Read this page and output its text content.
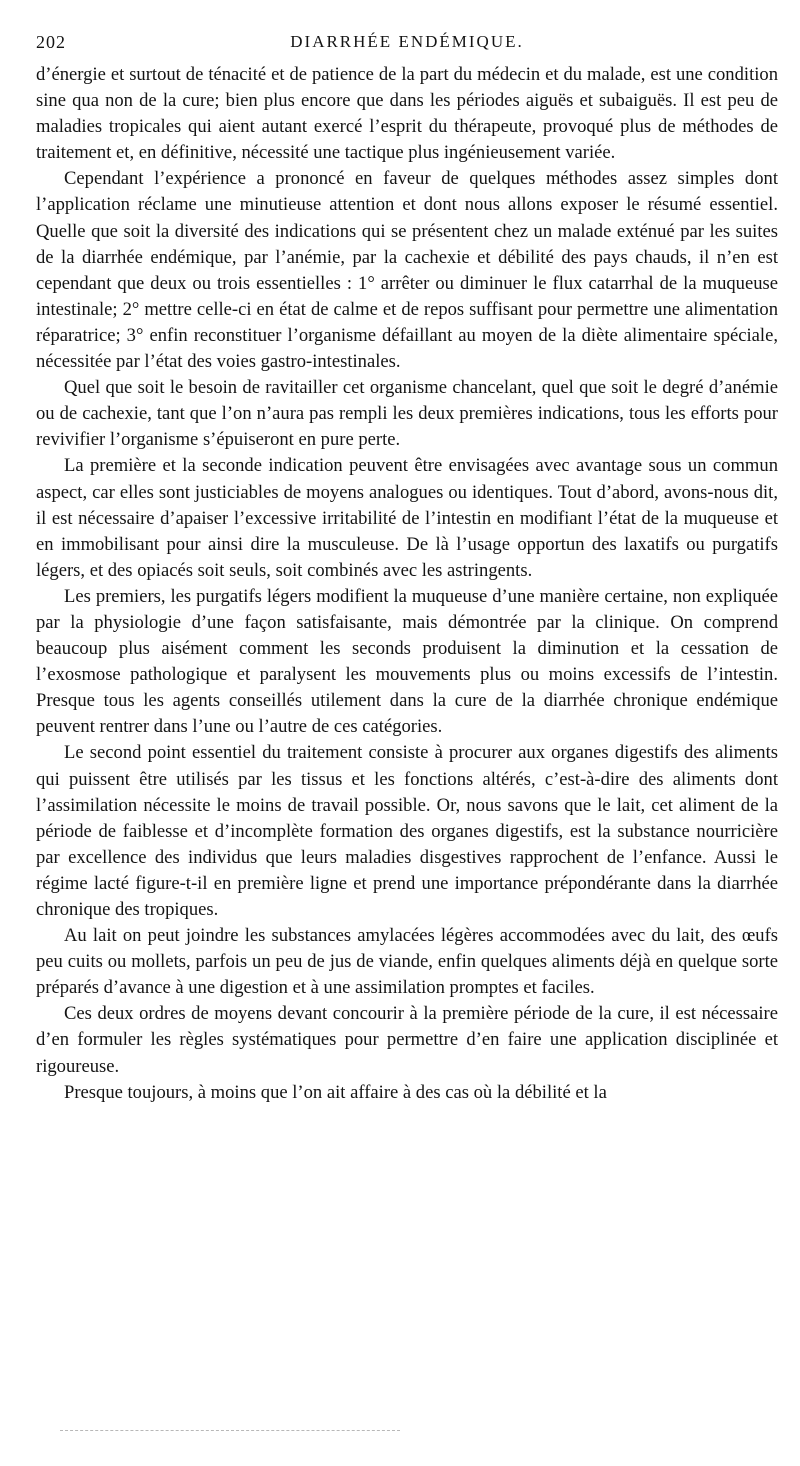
202	DIARRHÉE ENDÉMIQUE.

d’énergie et surtout de ténacité et de patience de la part du médecin et du malade, est une condition sine qua non de la cure; bien plus encore que dans les périodes aiguës et subaiguës. Il est peu de maladies tropicales qui aient autant exercé l’esprit du thérapeute, provoqué plus de méthodes de traitement et, en définitive, nécessité une tactique plus ingénieusement variée.

Cependant l’expérience a prononcé en faveur de quelques méthodes assez simples dont l’application réclame une minutieuse attention et dont nous allons exposer le résumé essentiel. Quelle que soit la diversité des indications qui se présentent chez un malade exténué par les suites de la diarrhée endémique, par l’anémie, par la cachexie et débilité des pays chauds, il n’en est cependant que deux ou trois essentielles : 1° arrêter ou diminuer le flux catarrhal de la muqueuse intestinale; 2° mettre celle-ci en état de calme et de repos suffisant pour permettre une alimentation réparatrice; 3° enfin reconstituer l’organisme défaillant au moyen de la diète alimentaire spéciale, nécessitée par l’état des voies gastro-intestinales.

Quel que soit le besoin de ravitailler cet organisme chancelant, quel que soit le degré d’anémie ou de cachexie, tant que l’on n’aura pas rempli les deux premières indications, tous les efforts pour revivifier l’organisme s’épuiseront en pure perte.

La première et la seconde indication peuvent être envisagées avec avantage sous un commun aspect, car elles sont justiciables de moyens analogues ou identiques. Tout d’abord, avons-nous dit, il est nécessaire d’apaiser l’excessive irritabilité de l’intestin en modifiant l’état de la muqueuse et en immobilisant pour ainsi dire la musculeuse. De là l’usage opportun des laxatifs ou purgatifs légers, et des opiacés soit seuls, soit combinés avec les astringents.

Les premiers, les purgatifs légers modifient la muqueuse d’une manière certaine, non expliquée par la physiologie d’une façon satisfaisante, mais démontrée par la clinique. On comprend beaucoup plus aisément comment les seconds produisent la diminution et la cessation de l’exosmose pathologique et paralysent les mouvements plus ou moins excessifs de l’intestin. Presque tous les agents conseillés utilement dans la cure de la diarrhée chronique endémique peuvent rentrer dans l’une ou l’autre de ces catégories.

Le second point essentiel du traitement consiste à procurer aux organes digestifs des aliments qui puissent être utilisés par les tissus et les fonctions altérés, c’est-à-dire des aliments dont l’assimilation nécessite le moins de travail possible. Or, nous savons que le lait, cet aliment de la période de faiblesse et d’incomplète formation des organes digestifs, est la substance nourricière par excellence des individus que leurs maladies disgestives rapprochent de l’enfance. Aussi le régime lacté figure-t-il en première ligne et prend une importance prépondérante dans la diarrhée chronique des tropiques.

Au lait on peut joindre les substances amylacées légères accommodées avec du lait, des œufs peu cuits ou mollets, parfois un peu de jus de viande, enfin quelques aliments déjà en quelque sorte préparés d’avance à une digestion et à une assimilation promptes et faciles.

Ces deux ordres de moyens devant concourir à la première période de la cure, il est nécessaire d’en formuler les règles systématiques pour permettre d’en faire une application disciplinée et rigoureuse.

Presque toujours, à moins que l’on ait affaire à des cas où la débilité et la
